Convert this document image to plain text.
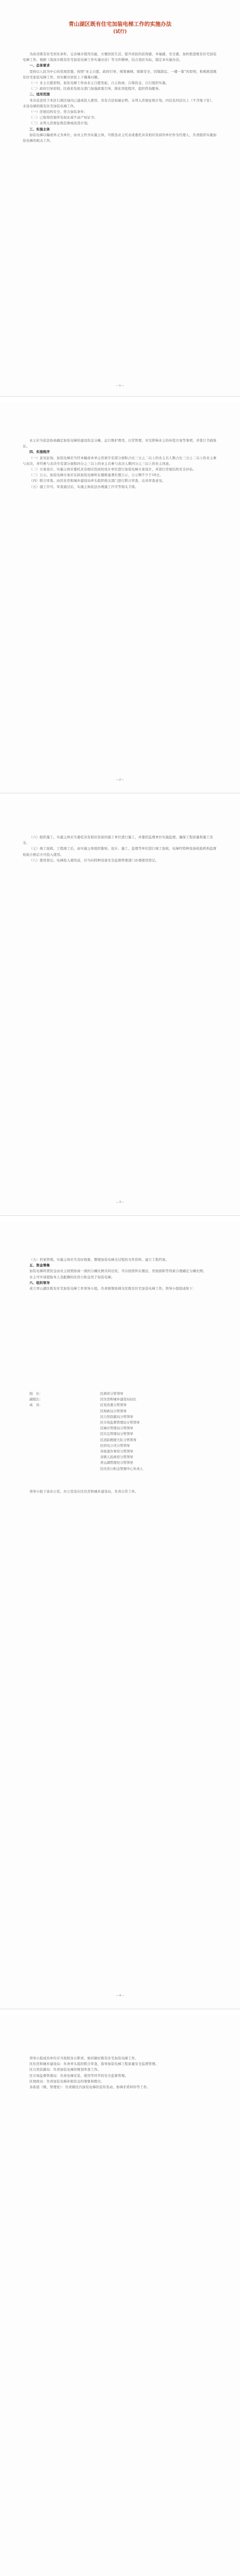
青山湖区既有住宅加装电梯工作的实施办法
(试行)
为改善既有住宅居住条件，完善城市使用功能，方便居民生活，提升居民的获得感、幸福感、安全感，加快推进既有住宅加装电梯工作，根据《南昌市既有住宅加装电梯工作实施办法》等文件精神，结合我区实际，制定本实施办法。
一、总体要求
坚持以人民为中心的发展思想，按照“业主自愿、政府引导、统筹兼顾、保障安全、因地制宜、一楼一策”的原则，积极推进既有住宅加装电梯工作，切实解决居民上下楼难问题。
（一）业主自愿原则。加装电梯工作由业主自愿发起、自主协商、自筹资金、自行组织实施。
（二）政府引导原则。区政府及相关部门加强政策引导，简化审批程序，提供咨询服务。
二、适用范围
本办法适用于本区行政区域内已建成投入使用、具有合法权属证明、未列入房屋征收计划、四层及四层以上（不含地下室）、未设电梯的既有住宅加装电梯工作。
（一）房屋结构安全、符合加装条件；
（二）已取得房屋所有权证或不动产权证书；
（三）未列入房屋征收范围或改造计划。
三、实施主体
加装电梯以幢或单元为单位，由业主作为实施主体，可推选业主代表或委托具有相应资质的单位作为代理人，负责组织实施加装电梯的相关工作。
—1—
业主应当依法协商确定加装电梯的建设资金分摊、运行维护费用、日常管理、对受影响业主的补偿方案等事项，并签订书面协议。
四、实施程序
（一）意见征询。加装电梯应当经本幢或本单元房屋专有部分面积占比三分之二以上的业主且人数占比三分之二以上的业主参与表决，并经参与表决专有部分面积四分之三以上的业主且参与表决人数四分之三以上的业主同意。
（二）方案设计。实施主体应委托具有相应资质的设计单位进行加装电梯方案设计，并进行房屋结构安全评估。
（三）公示。加装电梯方案应在拟加装电梯所在楼栋显著位置公示，公示期不少于10日。
（四）联合审查。由区住房和城乡建设局牵头组织相关部门进行联合审查，出具审查意见。
（五）施工许可。审查通过后，实施主体依法办理施工许可等相关手续。
—2—
（六）组织施工。实施主体应当委托具有相应资质的施工单位进行施工，并委托监理单位实施监理，确保工程质量和施工安全。
（七）竣工验收。工程竣工后，由实施主体组织勘察、设计、施工、监理等单位进行竣工验收，电梯经特种设备检验机构监督检验合格后方可投入使用。
（八）使用登记。电梯投入使用前，应当向特种设备安全监督管理部门办理使用登记。
—3—
（九）档案管理。实施主体应当及时收集、整理加装电梯全过程的文件资料，建立工程档案。
五、资金筹集
加装电梯所需资金由业主按照协商一致的分摊比例共同出资，可以按照所在楼层、房屋面积等因素合理确定分摊比例。
业主可申请提取本人及配偶的住房公积金用于加装电梯。
六、组织领导
成立青山湖区既有住宅加装电梯工作领导小组，负责统筹协调全区既有住宅加装电梯工作。领导小组组成如下：
组　长：	区政府分管领导
副组长：	区住房和城乡建设局局长
成　员：	区发改委分管领导
区财政局分管领导
区自然资源局分管领导
区市场监督管理局分管领导
区城市管理局分管领导
区应急管理局分管领导
区消防救援大队分管领导
区供电公司分管领导
各街道办事处分管领导
各镇人民政府分管领导
青山湖管理处分管领导
区住房公积金管理中心负责人
领导小组下设办公室，办公室设在区住房和城乡建设局，负责日常工作。
—4—
领导小组成员单位应当按照各自职责，协同做好既有住宅加装电梯工作。
区住房和城乡建设局：负责牵头组织联合审查，指导加装电梯工程质量安全监督管理。
区自然资源局：负责加装电梯的规划审查工作。
区市场监督管理局：负责电梯安装、使用等环节的安全监督管理。
区财政局：负责加装电梯补助资金的筹集和拨付。
各街道（镇、管理处）：负责辖区内加装电梯的宣传发动、协调矛盾纠纷等工作。
